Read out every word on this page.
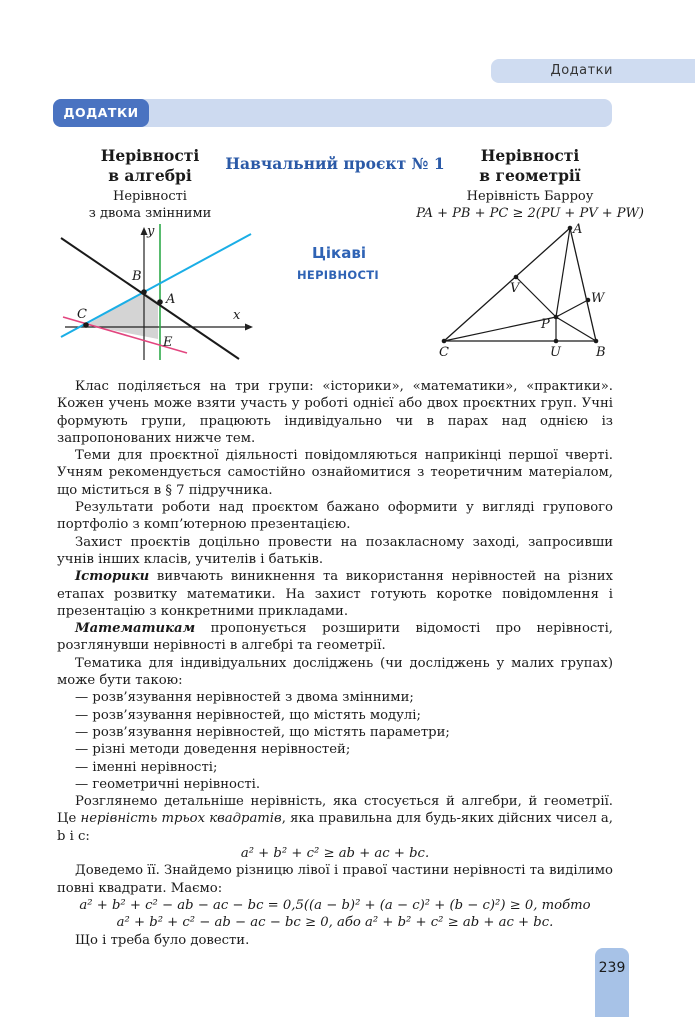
Додатки
ДОДАТКИ
Нерівності
в алгебрі
Нерівності
з двома змінними
Навчальний проєкт № 1
Цікаві
НЕРІВНОСТІ
Нерівності
в геометрії
Нерівність Барроу
PA + PB + PC ≥ 2(PU + PV + PW)
y
x
B
A
C
E
A
V
W
P
C	U	B

Клас поділяється на три групи: «історики», «математики», «практики». Кожен учень може взяти участь у роботі однієї або двох проєктних груп. Учні формують групи, працюють індивідуально чи в парах над однією із запропонованих нижче тем.

Теми для проєктної діяльності повідомляються наприкінці першої чверті. Учням рекомендується самостійно ознайомитися з теоретичним матеріалом, що міститься в § 7 підручника.

Результати роботи над проєктом бажано оформити у вигляді групового портфоліо з комп’ютерною презентацією.

Захист проєктів доцільно провести на позакласному заході, запросивши учнів інших класів, учителів і батьків.

Історики вивчають виникнення та використання нерівностей на різних етапах розвитку математики. На захист готують коротке повідомлення і презентацію з конкретними прикладами.

Математикам пропонується розширити відомості про нерівності, розглянувши нерівності в алгебрі та геометрії.

Тематика для індивідуальних досліджень (чи досліджень у малих групах) може бути такою:

— розв’язування нерівностей з двома змінними;

— розв’язування нерівностей, що містять модулі;

— розв’язування нерівностей, що містять параметри;

— різні методи доведення нерівностей;

— іменні нерівності;

— геометричні нерівності.

Розглянемо детальніше нерівність, яка стосується й алгебри, й геометрії. Це нерівність трьох квадратів, яка правильна для будь-яких дійсних чисел a, b і c:

a² + b² + c² ≥ ab + ac + bc.

Доведемо її. Знайдемо різницю лівої і правої частини нерівності та виділимо повні квадрати. Маємо:

a² + b² + c² − ab − ac − bc = 0,5((a − b)² + (a − c)² + (b − c)²) ≥ 0, тобто

a² + b² + c² − ab − ac − bc ≥ 0, або a² + b² + c² ≥ ab + ac + bc.

Що і треба було довести.

239
